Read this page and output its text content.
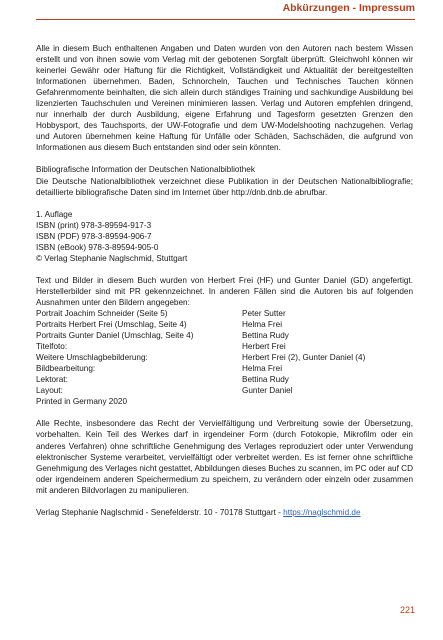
Abkürzungen - Impressum

Alle in diesem Buch enthaltenen Angaben und Daten wurden von den Autoren nach bestem Wissen erstellt und von ihnen sowie vom Verlag mit der gebotenen Sorgfalt überprüft. Gleichwohl können wir keinerlei Gewähr oder Haftung für die Richtigkeit, Vollständigkeit und Aktualität der bereitgestellten Informationen übernehmen. Baden, Schnorcheln, Tauchen und Technisches Tauchen können Gefahrenmomente beinhalten, die sich allein durch ständiges Training und sachkundige Ausbildung bei lizenzierten Tauchschulen und Vereinen minimieren lassen. Verlag und Autoren empfehlen dringend, nur innerhalb der durch Ausbildung, eigene Erfahrung und Tagesform gesetzten Grenzen den Hobbysport, des Tauchsports, der UW-Fotografie und dem UW-Modelshooting nachzugehen. Verlag und Autoren übernehmen keine Haftung für Unfälle oder Schäden, Sachschäden, die aufgrund von Informationen aus diesem Buch entstanden sind oder sein könnten.

Bibliografische Information der Deutschen Nationalbibliothek

Die Deutsche Nationalbibliothek verzeichnet diese Publikation in der Deutschen Nationalbibliografie; detaillierte bibliografische Daten sind im Internet über http://dnb.dnb.de abrufbar.

1. Auflage
ISBN (print) 978-3-89594-917-3
ISBN (PDF) 978-3-89594-906-7
ISBN (eBook) 978-3-89594-905-0
© Verlag Stephanie Naglschmid, Stuttgart

Text und Bilder in diesem Buch wurden von Herbert Frei (HF) und Gunter Daniel (GD) angefertigt. Herstellerbilder sind mit PR gekennzeichnet. In anderen Fällen sind die Autoren bis auf folgenden Ausnahmen unter den Bildern angegeben:

Portrait Joachim Schneider (Seite 5)	Peter Sutter
Portraits Herbert Frei (Umschlag, Seite 4)	Helma Frei
Portraits Gunter Daniel (Umschlag, Seite 4)	Bettina Rudy
Titelfoto:	Herbert Frei
Weitere Umschlagbebilderung:	Herbert Frei (2), Gunter Daniel (4)
Bildbearbeitung:	Helma Frei
Lektorat:	Bettina Rudy
Layout:	Gunter Daniel
Printed in Germany 2020

Alle Rechte, insbesondere das Recht der Vervielfältigung und Verbreitung sowie der Übersetzung, vorbehalten. Kein Teil des Werkes darf in irgendeiner Form (durch Fotokopie, Mikrofilm oder ein anderes Verfahren) ohne schriftliche Genehmigung des Verlages reproduziert oder unter Verwendung elektronischer Systeme verarbeitet, vervielfältigt oder verbreitet werden. Es ist ferner ohne schriftliche Genehmigung des Verlages nicht gestattet, Abbildungen dieses Buches zu scannen, im PC oder auf CD oder irgendeinem anderen Speichermedium zu speichern, zu verändern oder einzeln oder zusammen mit anderen Bildvorlagen zu manipulieren.

Verlag Stephanie Naglschmid - Senefelderstr. 10 - 70178 Stuttgart - https://naglschmid.de
221
